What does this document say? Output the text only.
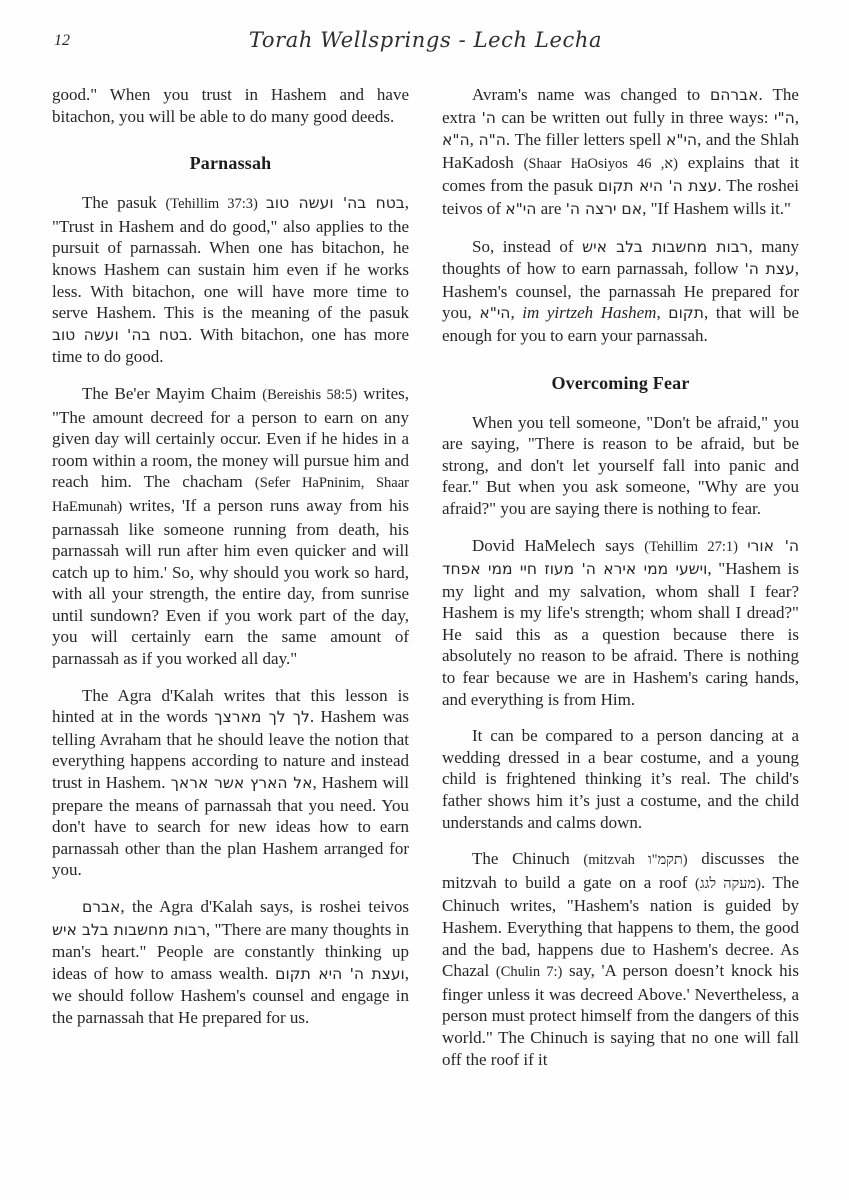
12	Torah Wellsprings - Lech Lecha

good." When you trust in Hashem and have bitachon, you will be able to do many good deeds.

Parnassah

The pasuk (Tehillim 37:3) בטח בה' ועשה טוב, "Trust in Hashem and do good," also applies to the pursuit of parnassah. When one has bitachon, he knows Hashem can sustain him even if he works less. With bitachon, one will have more time to serve Hashem. This is the meaning of the pasuk בטח בה' ועשה טוב. With bitachon, one has more time to do good.

The Be'er Mayim Chaim (Bereishis 58:5) writes, "The amount decreed for a person to earn on any given day will certainly occur. Even if he hides in a room within a room, the money will pursue him and reach him. The chacham (Sefer HaPninim, Shaar HaEmunah) writes, 'If a person runs away from his parnassah like someone running from death, his parnassah will run after him even quicker and will catch up to him.' So, why should you work so hard, with all your strength, the entire day, from sunrise until sundown? Even if you work part of the day, you will certainly earn the same amount of parnassah as if you worked all day."

The Agra d'Kalah writes that this lesson is hinted at in the words לך לך מארצך. Hashem was telling Avraham that he should leave the notion that everything happens according to nature and instead trust in Hashem. אל הארץ אשר אראך, Hashem will prepare the means of parnassah that you need. You don't have to search for new ideas how to earn parnassah other than the plan Hashem arranged for you.

אברם, the Agra d'Kalah says, is roshei teivos רבות מחשבות בלב איש, "There are many thoughts in man's heart." People are constantly thinking up ideas of how to amass wealth. ועצת ה' היא תקום, we should follow Hashem's counsel and engage in the parnassah that He prepared for us.

Avram's name was changed to אברהם. The extra ה' can be written out fully in three ways: ה"י, ה"א, ה"ה. The filler letters spell הי"א, and the Shlah HaKadosh (Shaar HaOsiyos 46 ,א) explains that it comes from the pasuk עצת ה' היא תקום. The roshei teivos of הי"א are אם ירצה ה', "If Hashem wills it."

So, instead of רבות מחשבות בלב איש, many thoughts of how to earn parnassah, follow עצת ה', Hashem's counsel, the parnassah He prepared for you, הי"א, im yirtzeh Hashem, תקום, that will be enough for you to earn your parnassah.

Overcoming Fear

When you tell someone, "Don't be afraid," you are saying, "There is reason to be afraid, but be strong, and don't let yourself fall into panic and fear." But when you ask someone, "Why are you afraid?" you are saying there is nothing to fear.

Dovid HaMelech says (Tehillim 27:1) ה' אורי וישעי ממי אירא ה' מעוז חיי ממי אפחד, "Hashem is my light and my salvation, whom shall I fear? Hashem is my life's strength; whom shall I dread?" He said this as a question because there is absolutely no reason to be afraid. There is nothing to fear because we are in Hashem's caring hands, and everything is from Him.

It can be compared to a person dancing at a wedding dressed in a bear costume, and a young child is frightened thinking it’s real. The child's father shows him it’s just a costume, and the child understands and calms down.

The Chinuch (mitzvah תקמ"ו) discusses the mitzvah to build a gate on a roof (מעקה לגג). The Chinuch writes, "Hashem's nation is guided by Hashem. Everything that happens to them, the good and the bad, happens due to Hashem's decree. As Chazal (Chulin 7:) say, 'A person doesn’t knock his finger unless it was decreed Above.' Nevertheless, a person must protect himself from the dangers of this world." The Chinuch is saying that no one will fall off the roof if it
